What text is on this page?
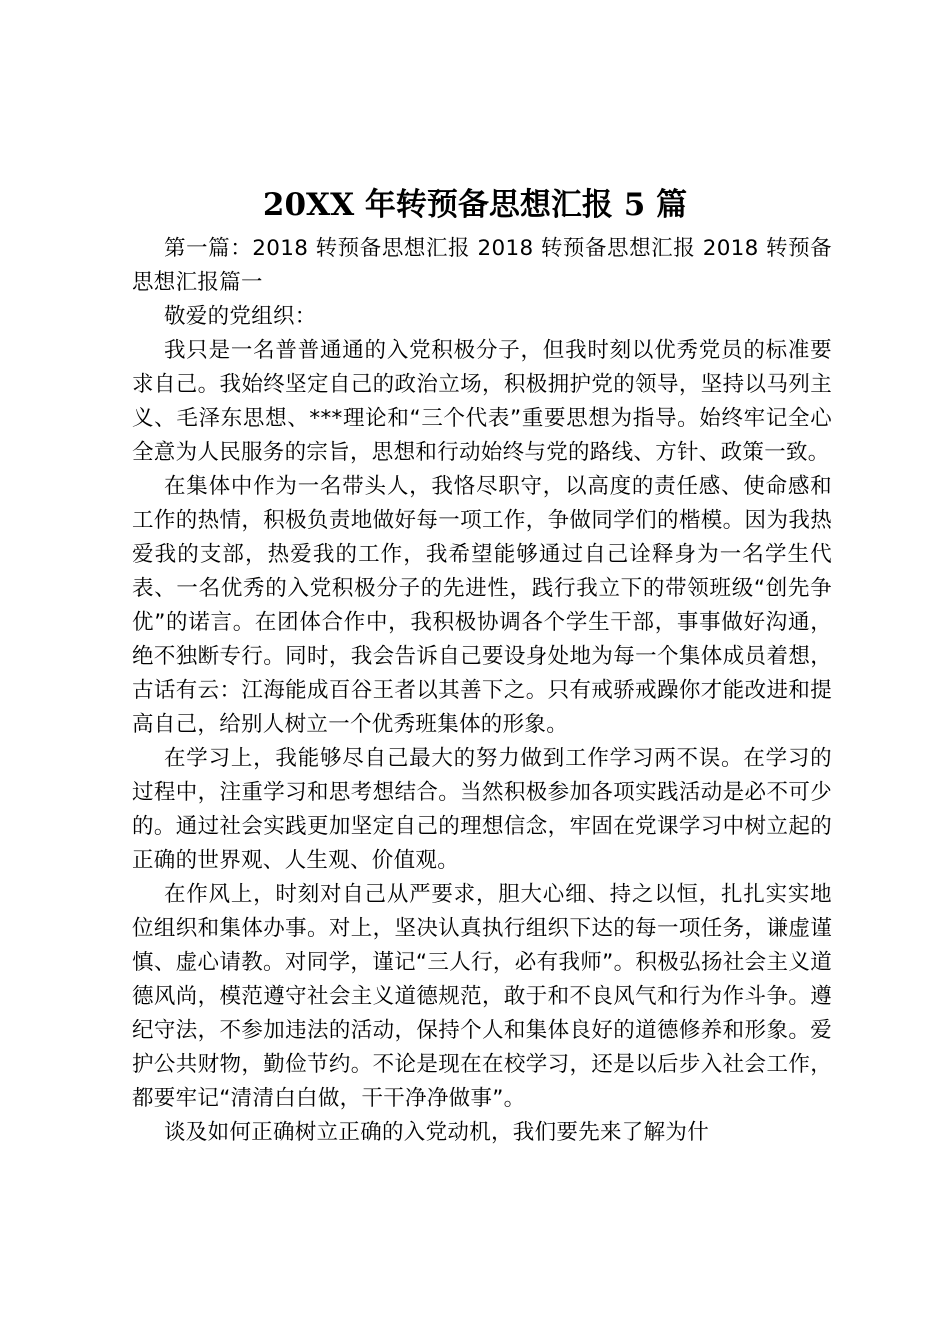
20XX 年转预备思想汇报 5 篇

第一篇：2018 转预备思想汇报 2018 转预备思想汇报 2018 转预备思想汇报篇一

敬爱的党组织：

我只是一名普普通通的入党积极分子，但我时刻以优秀党员的标准要求自己。我始终坚定自己的政治立场，积极拥护党的领导，坚持以马列主义、毛泽东思想、***理论和“三个代表”重要思想为指导。始终牢记全心全意为人民服务的宗旨，思想和行动始终与党的路线、方针、政策一致。

在集体中作为一名带头人，我恪尽职守，以高度的责任感、使命感和工作的热情，积极负责地做好每一项工作，争做同学们的楷模。因为我热爱我的支部，热爱我的工作，我希望能够通过自己诠释身为一名学生代表、一名优秀的入党积极分子的先进性，践行我立下的带领班级“创先争优”的诺言。在团体合作中，我积极协调各个学生干部，事事做好沟通，绝不独断专行。同时，我会告诉自己要设身处地为每一个集体成员着想，古话有云：江海能成百谷王者以其善下之。只有戒骄戒躁你才能改进和提高自己，给别人树立一个优秀班集体的形象。

在学习上，我能够尽自己最大的努力做到工作学习两不误。在学习的过程中，注重学习和思考想结合。当然积极参加各项实践活动是必不可少的。通过社会实践更加坚定自己的理想信念，牢固在党课学习中树立起的正确的世界观、人生观、价值观。

在作风上，时刻对自己从严要求，胆大心细、持之以恒，扎扎实实地位组织和集体办事。对上，坚决认真执行组织下达的每一项任务，谦虚谨慎、虚心请教。对同学，谨记“三人行，必有我师”。积极弘扬社会主义道德风尚，模范遵守社会主义道德规范，敢于和不良风气和行为作斗争。遵纪守法，不参加违法的活动，保持个人和集体良好的道德修养和形象。爱护公共财物，勤俭节约。不论是现在在校学习，还是以后步入社会工作，都要牢记“清清白白做，干干净净做事”。

谈及如何正确树立正确的入党动机，我们要先来了解为什
